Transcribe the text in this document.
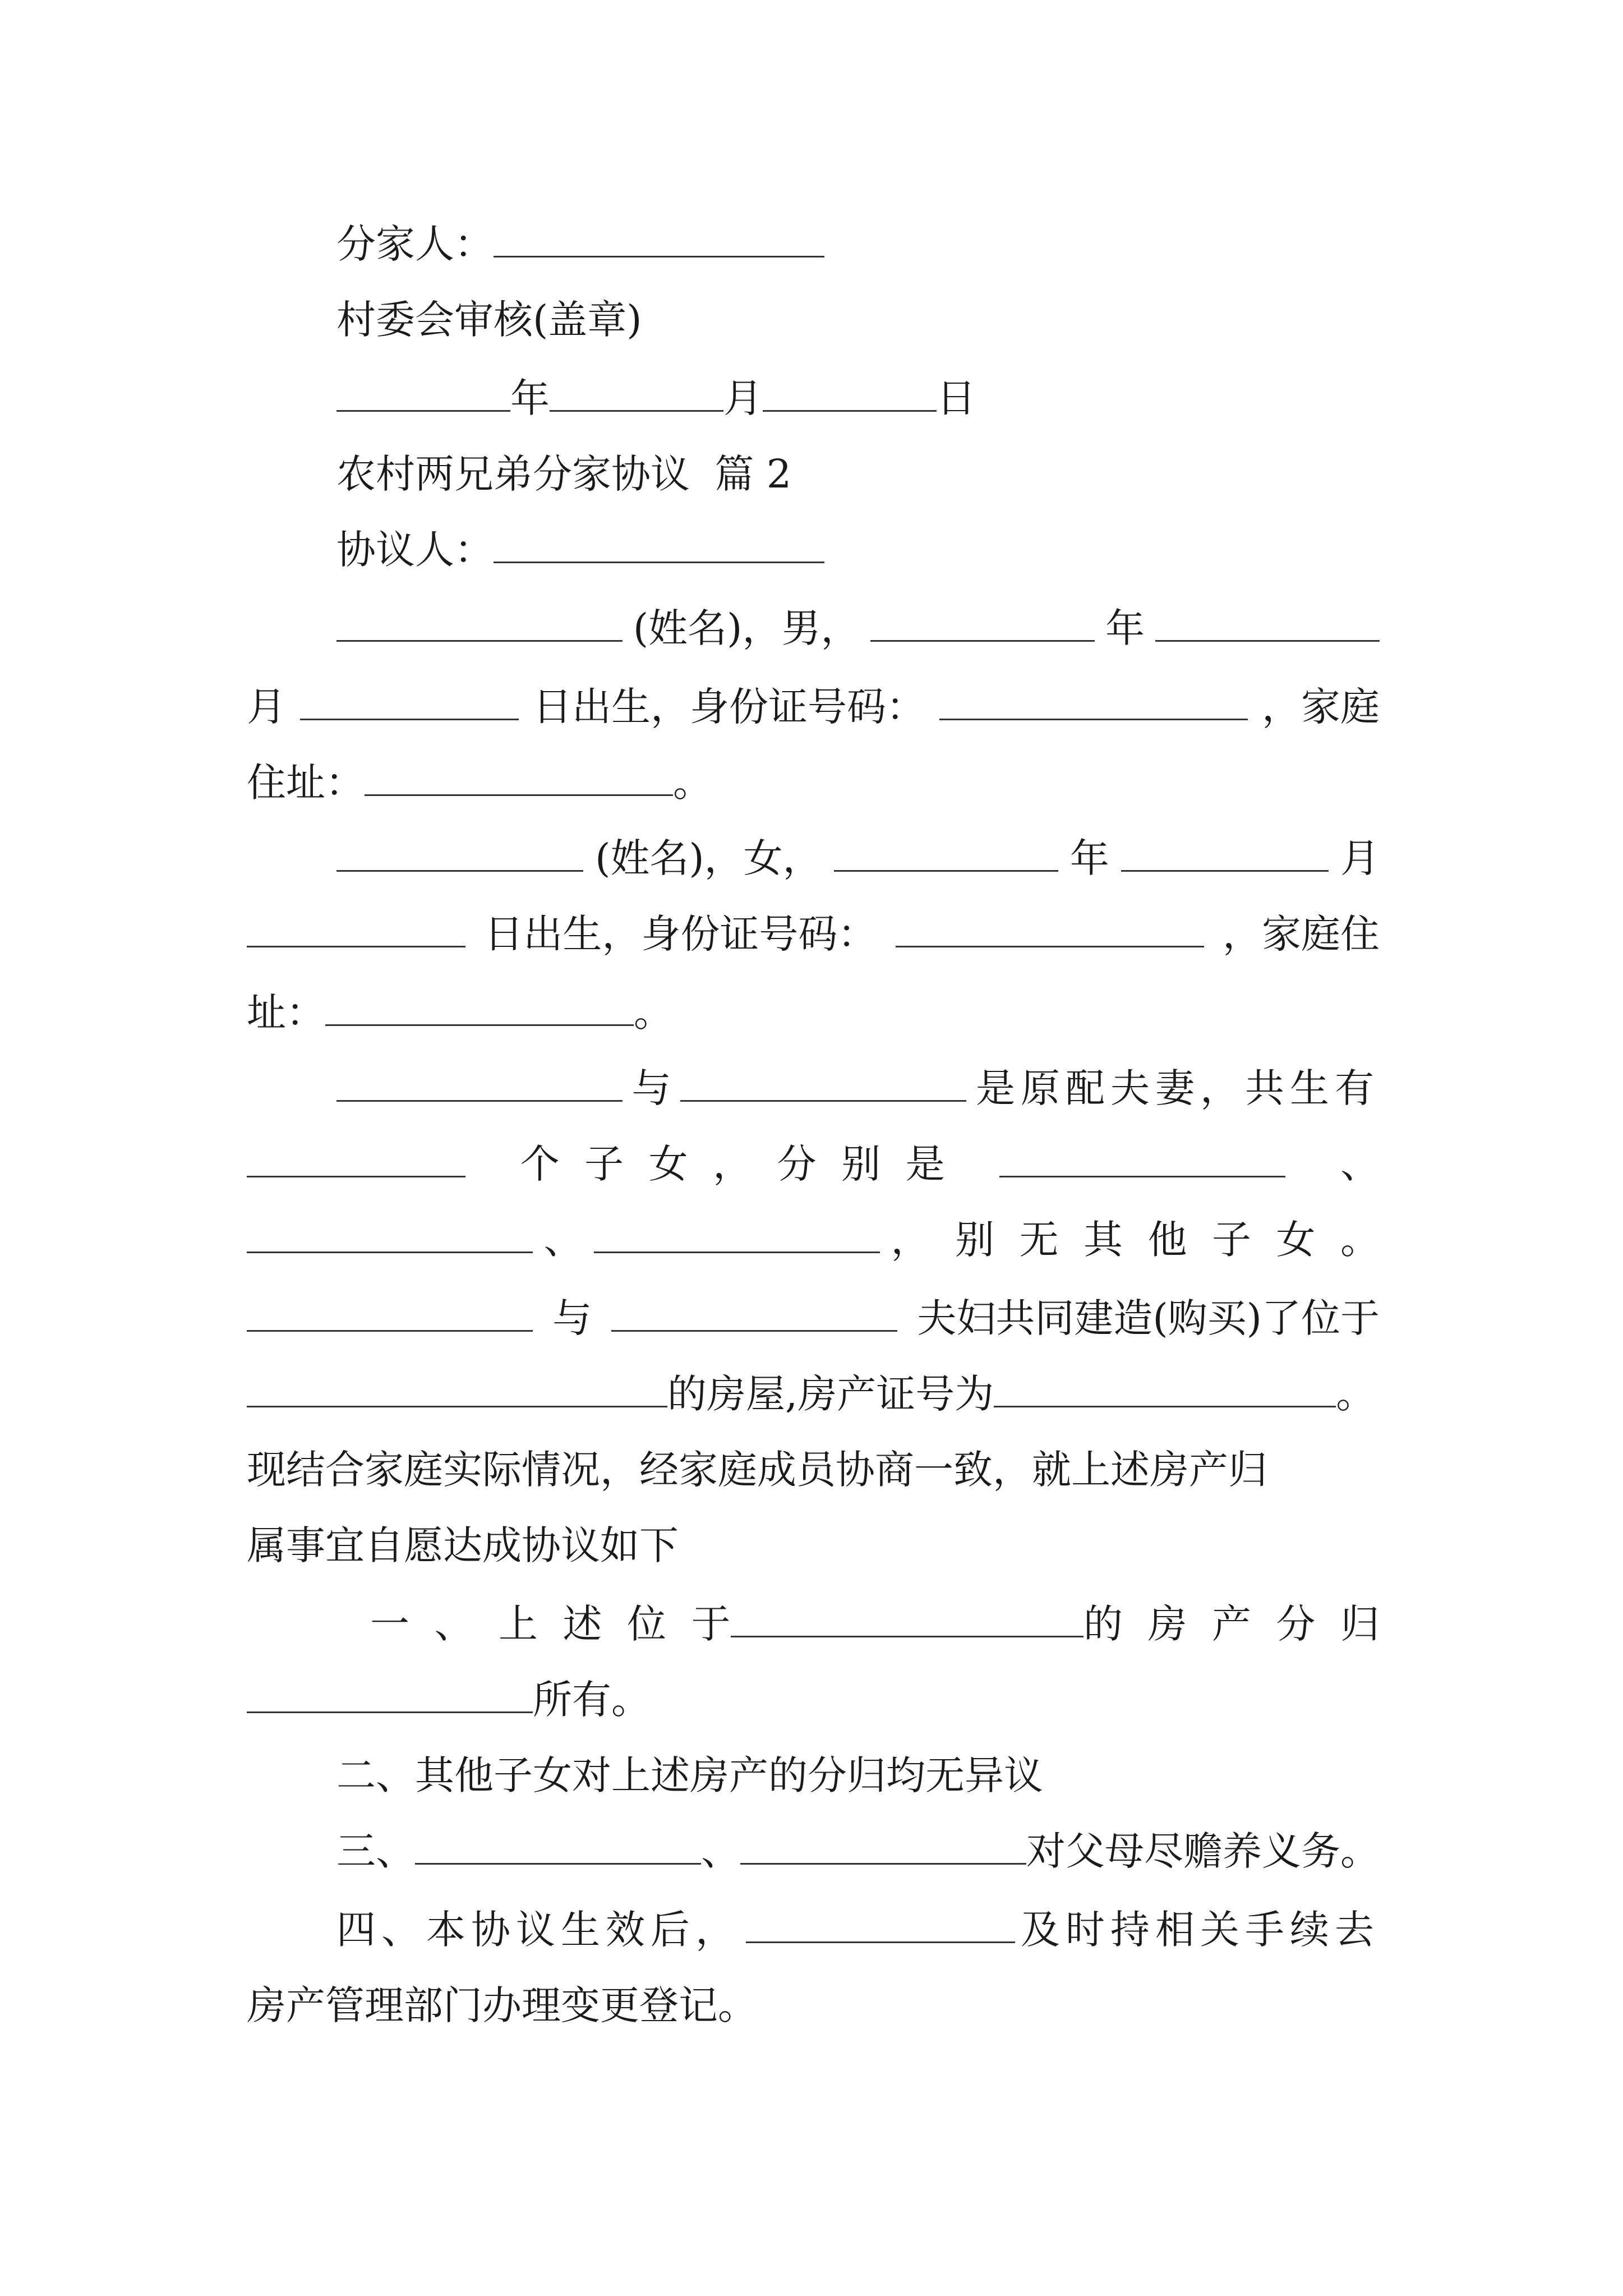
分家人：
村委会审核(盖章)
年	月	日
农村两兄弟分家协议  篇 2
协议人：
(姓名)，男，	年
月	日出生，身份证号码：	，家庭
住址：	。
(姓名)，女，	年	月
日出生，身份证号码：	，家庭住
址：	。
与	是原配夫妻，共生有
个  子  女  ，  分  别  是	、
、	，  别  无  其  他  子  女  。
与	夫妇共同建造(购买)了位于
的房屋,房产证号为	。
现结合家庭实际情况，经家庭成员协商一致，就上述房产归
属事宜自愿达成协议如下
一  、  上  述  位  于	的  房  产  分  归
所有。
二、其他子女对上述房产的分归均无异议
三、	、	对父母尽赡养义务。
四、本协议生效后，	及时持相关手续去
房产管理部门办理变更登记。
